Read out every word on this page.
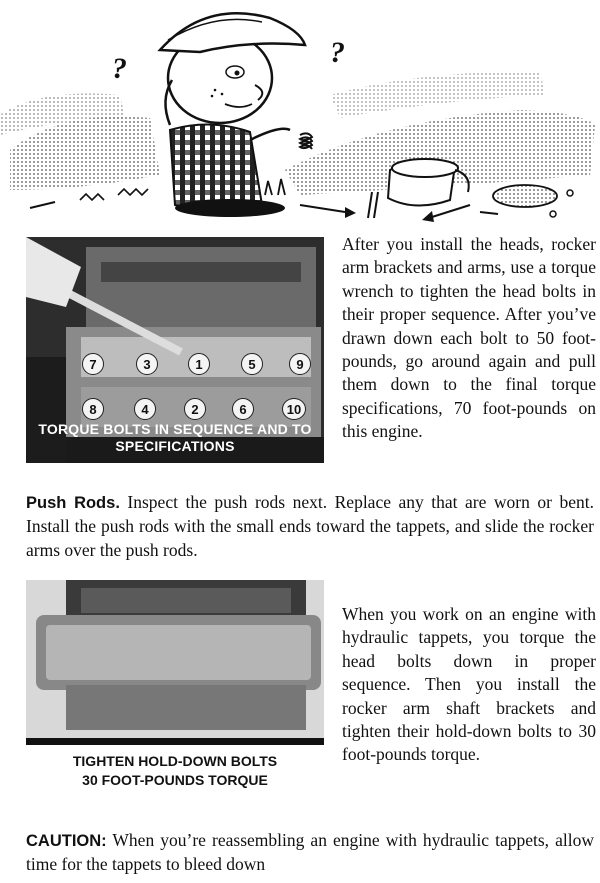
?	?
7	3	1	5	9
8	4	2	6	10
TORQUE BOLTS IN SEQUENCE AND TO
SPECIFICATIONS
After you install the heads, rocker arm brackets and arms, use a torque wrench to tighten the head bolts in their proper sequence. After you’ve drawn down each bolt to 50 foot-pounds, go around again and pull them down to the final torque specifications, 70 foot-pounds on this engine.
Push Rods. Inspect the push rods next. Replace any that are worn or bent. Install the push rods with the small ends toward the tappets, and slide the rocker arms over the push rods.
TIGHTEN HOLD-DOWN BOLTS
30 FOOT-POUNDS TORQUE
When you work on an engine with hydraulic tappets, you torque the head bolts down in proper sequence. Then you install the rocker arm shaft brackets and tighten their hold-down bolts to 30 foot-pounds torque.
CAUTION: When you’re reassembling an engine with hydraulic tappets, allow time for the tappets to bleed down
